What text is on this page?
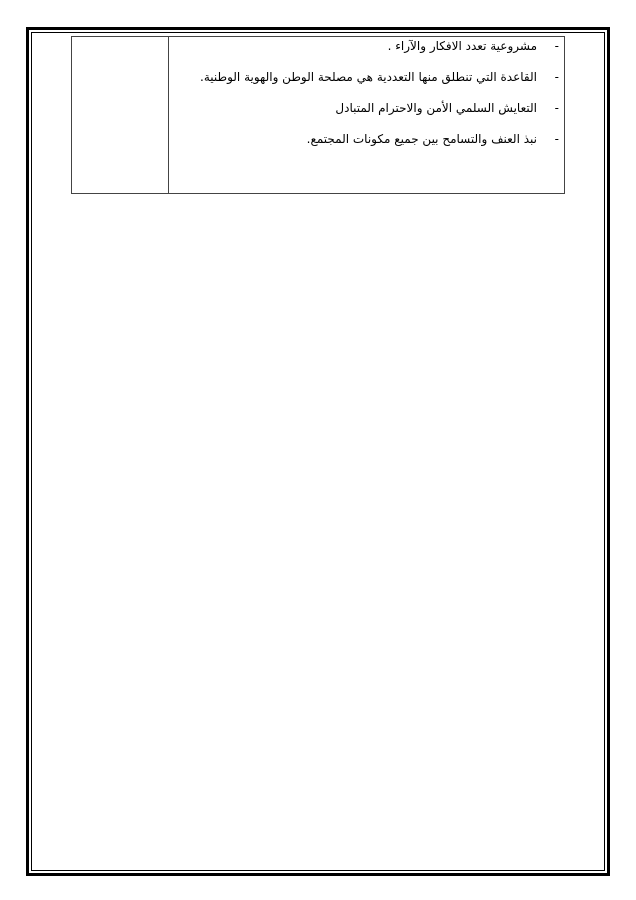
-
مشروعية تعدد الافكار والآراء .
-
القاعدة التي تنطلق منها التعددية هي مصلحة الوطن والهوية الوطنية.
-
التعايش السلمي الأمن والاحترام المتبادل
-
نبذ العنف والتسامح بين جميع مكونات المجتمع.
